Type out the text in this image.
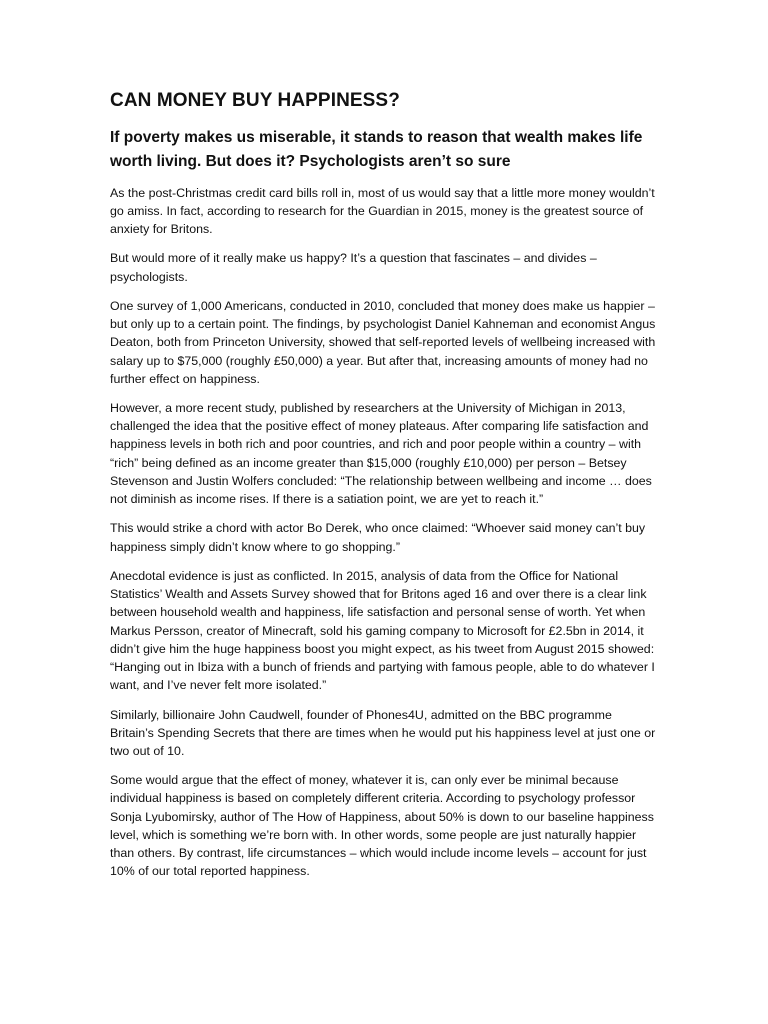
CAN MONEY BUY HAPPINESS?
If poverty makes us miserable, it stands to reason that wealth makes life worth living. But does it? Psychologists aren’t so sure

As the post-Christmas credit card bills roll in, most of us would say that a little more money wouldn’t go amiss. In fact, according to research for the Guardian in 2015, money is the greatest source of anxiety for Britons.

But would more of it really make us happy? It’s a question that fascinates – and divides – psychologists.

One survey of 1,000 Americans, conducted in 2010, concluded that money does make us happier – but only up to a certain point. The findings, by psychologist Daniel Kahneman and economist Angus Deaton, both from Princeton University, showed that self-reported levels of wellbeing increased with salary up to $75,000 (roughly £50,000) a year. But after that, increasing amounts of money had no further effect on happiness.

However, a more recent study, published by researchers at the University of Michigan in 2013, challenged the idea that the positive effect of money plateaus. After comparing life satisfaction and happiness levels in both rich and poor countries, and rich and poor people within a country – with “rich” being defined as an income greater than $15,000 (roughly £10,000) per person – Betsey Stevenson and Justin Wolfers concluded: “The relationship between wellbeing and income … does not diminish as income rises. If there is a satiation point, we are yet to reach it.”

This would strike a chord with actor Bo Derek, who once claimed: “Whoever said money can’t buy happiness simply didn’t know where to go shopping.”

Anecdotal evidence is just as conflicted. In 2015, analysis of data from the Office for National Statistics’ Wealth and Assets Survey showed that for Britons aged 16 and over there is a clear link between household wealth and happiness, life satisfaction and personal sense of worth. Yet when Markus Persson, creator of Minecraft, sold his gaming company to Microsoft for £2.5bn in 2014, it didn’t give him the huge happiness boost you might expect, as his tweet from August 2015 showed: “Hanging out in Ibiza with a bunch of friends and partying with famous people, able to do whatever I want, and I’ve never felt more isolated.”

Similarly, billionaire John Caudwell, founder of Phones4U, admitted on the BBC programme Britain’s Spending Secrets that there are times when he would put his happiness level at just one or two out of 10.

Some would argue that the effect of money, whatever it is, can only ever be minimal because individual happiness is based on completely different criteria. According to psychology professor Sonja Lyubomirsky, author of The How of Happiness, about 50% is down to our baseline happiness level, which is something we’re born with. In other words, some people are just naturally happier than others. By contrast, life circumstances – which would include income levels – account for just 10% of our total reported happiness.
